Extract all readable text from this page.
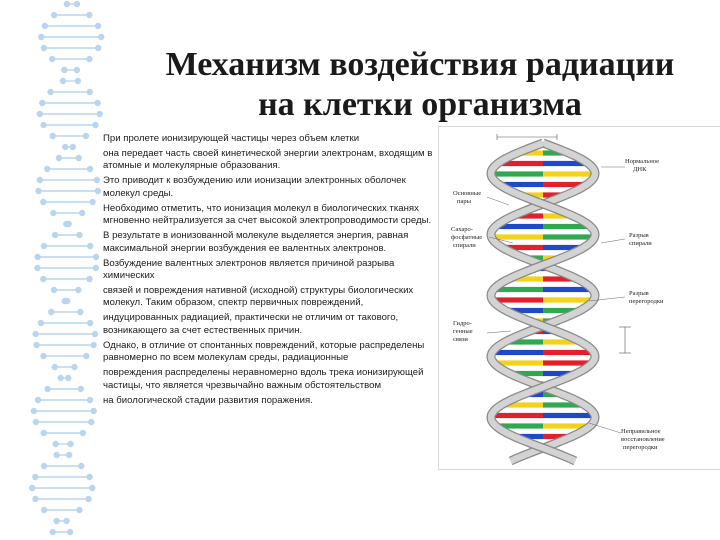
Механизм воздействия радиации
на клетки организма

При пролете ионизирующей частицы через объем клетки

она передает часть своей кинетической энергии электронам, входящим в атомные и молекулярные образования.

Это приводит к возбуждению или ионизации электронных оболочек молекул среды.

Необходимо отметить, что ионизация молекул в биологических тканях мгновенно нейтрализуется за счет высокой электропроводимости среды.

В результате в ионизованной молекуле выделяется энергия, равная максимальной энергии возбуждения ее валентных электронов.

Возбуждение валентных электронов является причиной разрыва химических

связей и повреждения нативной (исходной) структуры биологических молекул. Таким образом, спектр первичных повреждений,

индуцированных радиацией, практически не отличим от такового, возникающего за счет естественных причин.

Однако, в отличие от спонтанных повреждений, которые распределены равномерно по всем молекулам среды, радиационные

повреждения распределены неравномерно вдоль трека ионизирующей частицы, что является чрезвычайно важным обстоятельством

на биологической стадии развития поражения.

Нормальное
ДНК
Основные
пары
Сахаро-
фосфатные
спирали
Разрыв
спирали
Разрыв
перегородки
Гидро-
генные
связи
Неправильное
восстановление
перегородки
